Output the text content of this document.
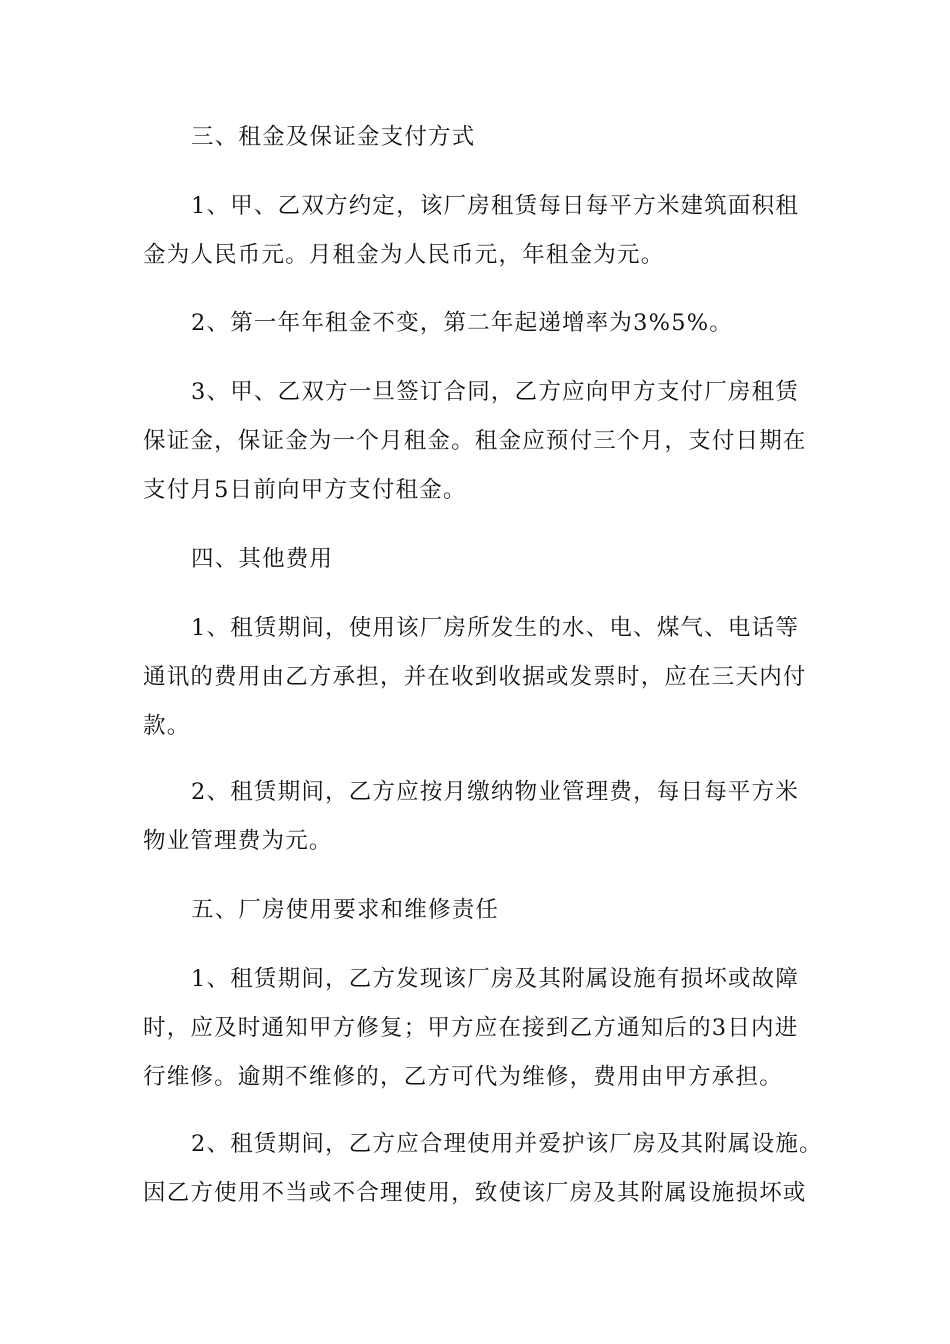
三、租金及保证金支付方式
1、甲、乙双方约定，该厂房租赁每日每平方米建筑面积租
金为人民币元。月租金为人民币元，年租金为元。
2、第一年年租金不变，第二年起递增率为3%5%。
3、甲、乙双方一旦签订合同，乙方应向甲方支付厂房租赁
保证金，保证金为一个月租金。租金应预付三个月，支付日期在
支付月5日前向甲方支付租金。
四、其他费用
1、租赁期间，使用该厂房所发生的水、电、煤气、电话等
通讯的费用由乙方承担，并在收到收据或发票时，应在三天内付
款。
2、租赁期间，乙方应按月缴纳物业管理费，每日每平方米
物业管理费为元。
五、厂房使用要求和维修责任
1、租赁期间，乙方发现该厂房及其附属设施有损坏或故障
时，应及时通知甲方修复；甲方应在接到乙方通知后的3日内进
行维修。逾期不维修的，乙方可代为维修，费用由甲方承担。
2、租赁期间，乙方应合理使用并爱护该厂房及其附属设施。
因乙方使用不当或不合理使用，致使该厂房及其附属设施损坏或
